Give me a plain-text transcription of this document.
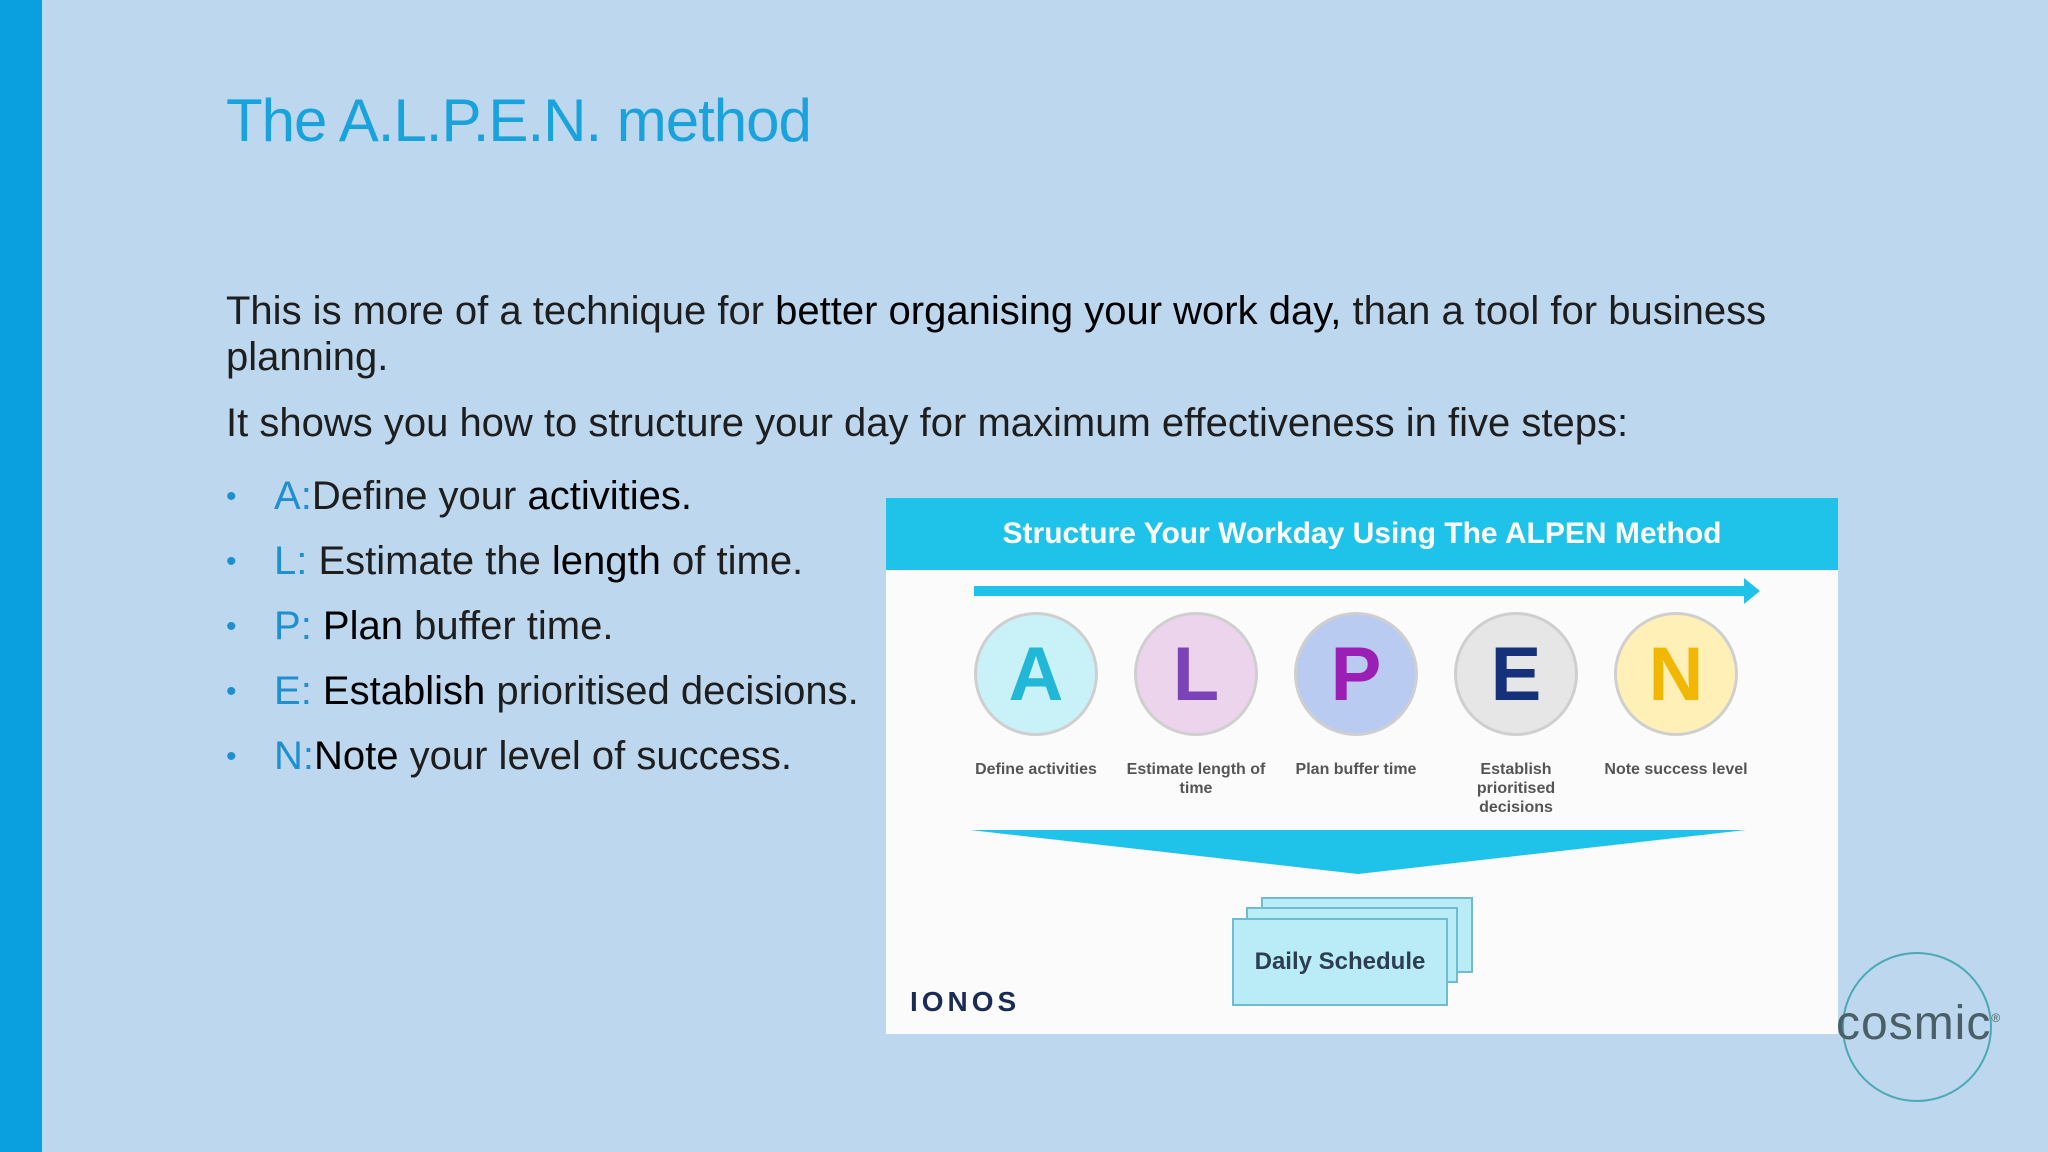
The A.L.P.E.N. method
This is more of a technique for better organising your work day, than a tool for business planning.
It shows you how to structure your day for maximum effectiveness in five steps:
• A : Define your activities.
• L : Estimate the length of time.
• P : Plan buffer time.
• E : Establish prioritised decisions.
• N : Note your level of success.
Structure Your Workday Using The ALPEN Method
A
Define activities
L
Estimate length of time
P
Plan buffer time
E
Establish prioritised decisions
N
Note success level
Daily Schedule
IONOS	cosmic®
